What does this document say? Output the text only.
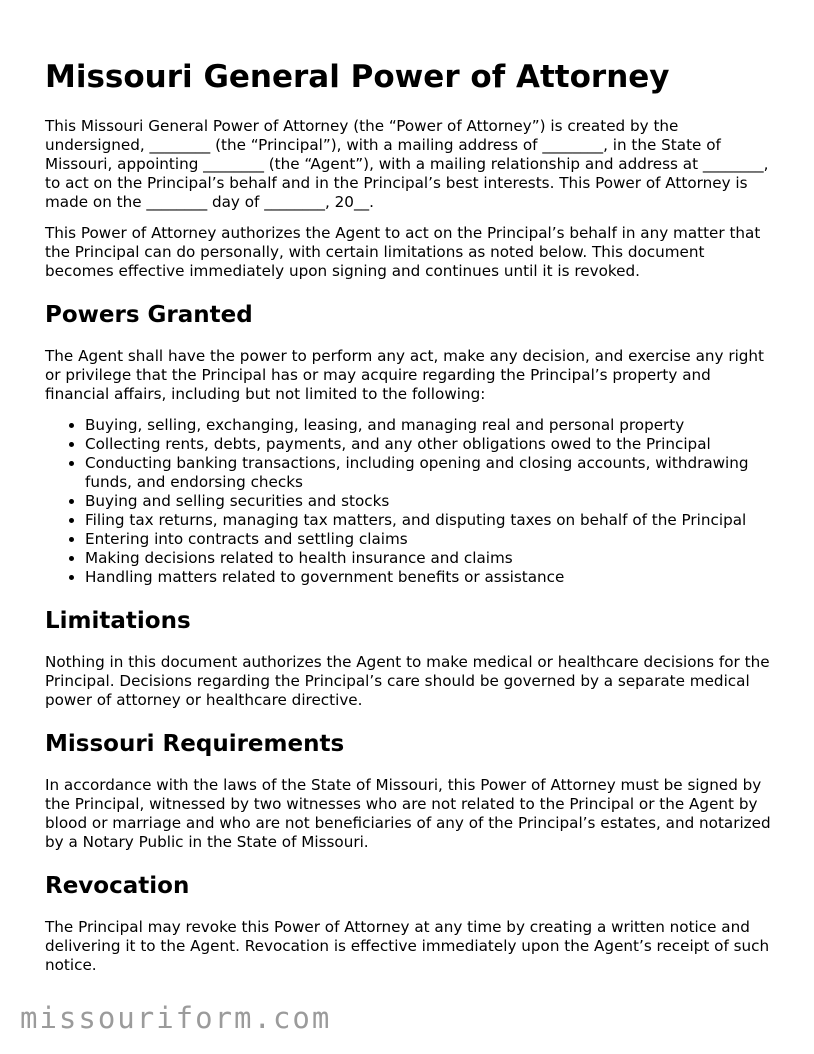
Missouri General Power of Attorney

This Missouri General Power of Attorney (the “Power of Attorney”) is created by the undersigned, ________ (the “Principal”), with a mailing address of ________, in the State of Missouri, appointing ________ (the “Agent”), with a mailing relationship and address at ________, to act on the Principal’s behalf and in the Principal’s best interests. This Power of Attorney is made on the ________ day of ________, 20__.

This Power of Attorney authorizes the Agent to act on the Principal’s behalf in any matter that the Principal can do personally, with certain limitations as noted below. This document becomes effective immediately upon signing and continues until it is revoked.

Powers Granted

The Agent shall have the power to perform any act, make any decision, and exercise any right or privilege that the Principal has or may acquire regarding the Principal’s property and financial affairs, including but not limited to the following:

• Buying, selling, exchanging, leasing, and managing real and personal property
• Collecting rents, debts, payments, and any other obligations owed to the Principal
• Conducting banking transactions, including opening and closing accounts, withdrawing funds, and endorsing checks
• Buying and selling securities and stocks
• Filing tax returns, managing tax matters, and disputing taxes on behalf of the Principal
• Entering into contracts and settling claims
• Making decisions related to health insurance and claims
• Handling matters related to government benefits or assistance
Limitations

Nothing in this document authorizes the Agent to make medical or healthcare decisions for the Principal. Decisions regarding the Principal’s care should be governed by a separate medical power of attorney or healthcare directive.

Missouri Requirements

In accordance with the laws of the State of Missouri, this Power of Attorney must be signed by the Principal, witnessed by two witnesses who are not related to the Principal or the Agent by blood or marriage and who are not beneficiaries of any of the Principal’s estates, and notarized by a Notary Public in the State of Missouri.

Revocation

The Principal may revoke this Power of Attorney at any time by creating a written notice and delivering it to the Agent. Revocation is effective immediately upon the Agent’s receipt of such notice.

missouriform.com
